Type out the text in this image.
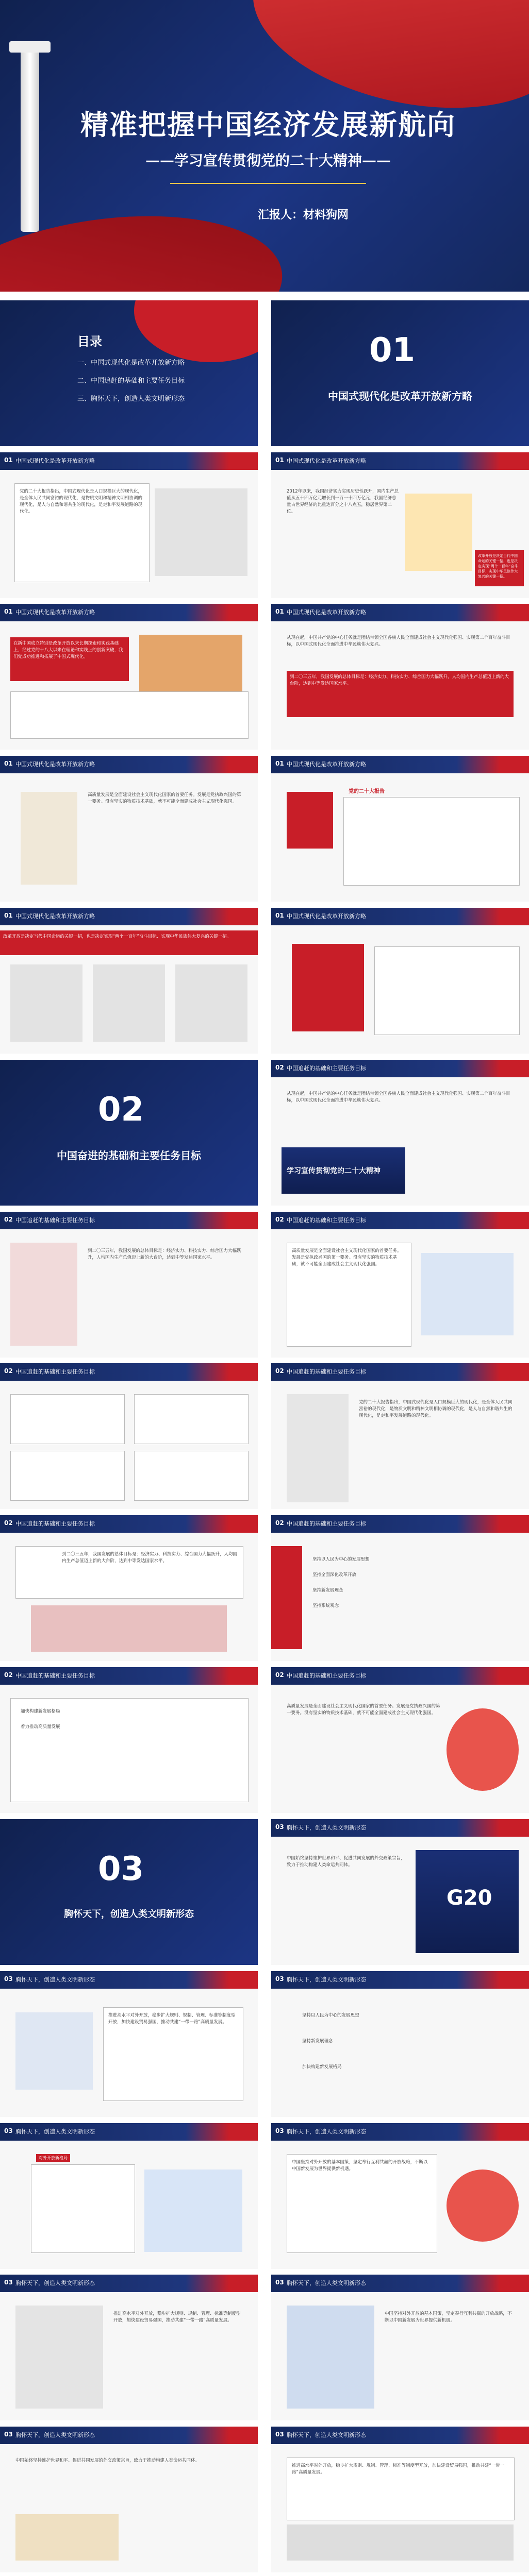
精准把握中国经济发展新航向
——学习宣传贯彻党的二十大精神——
汇报人：材料狗网
目录
一、中国式现代化是改革开放新方略
二、中国追赶的基础和主要任务目标
三、胸怀天下，创造人类文明新形态
01
中国式现代化是改革开放新方略
01 中国式现代化是改革开放新方略
党的二十大报告指出，中国式现代化是人口规模巨大的现代化，是全体人民共同富裕的现代化，是物质文明和精神文明相协调的现代化，是人与自然和谐共生的现代化，是走和平发展道路的现代化。
01 中国式现代化是改革开放新方略
2012年以来，我国经济实力实现历史性跃升，国内生产总值从五十四万亿元增长到一百一十四万亿元，我国经济总量占世界经济的比重达百分之十八点五，稳居世界第二位。
改革开放是决定当代中国命运的关键一招，也是决定实现“两个一百年”奋斗目标、实现中华民族伟大复兴的关键一招。
01 中国式现代化是改革开放新方略
在新中国成立特别是改革开放以来长期探索和实践基础上，经过党的十八大以来在理论和实践上的创新突破，我们党成功推进和拓展了中国式现代化。
01 中国式现代化是改革开放新方略
从现在起，中国共产党的中心任务就是团结带领全国各族人民全面建成社会主义现代化强国、实现第二个百年奋斗目标，以中国式现代化全面推进中华民族伟大复兴。
到二〇三五年，我国发展的总体目标是：经济实力、科技实力、综合国力大幅跃升，人均国内生产总值迈上新的大台阶，达到中等发达国家水平。
01 中国式现代化是改革开放新方略
高质量发展是全面建设社会主义现代化国家的首要任务。发展是党执政兴国的第一要务。没有坚实的物质技术基础，就不可能全面建成社会主义现代化强国。
01 中国式现代化是改革开放新方略
党的二十大报告
01 中国式现代化是改革开放新方略
改革开放是决定当代中国命运的关键一招，也是决定实现“两个一百年”奋斗目标、实现中华民族伟大复兴的关键一招。
01 中国式现代化是改革开放新方略
02
中国奋进的基础和主要任务目标
02 中国追赶的基础和主要任务目标
从现在起，中国共产党的中心任务就是团结带领全国各族人民全面建成社会主义现代化强国、实现第二个百年奋斗目标，以中国式现代化全面推进中华民族伟大复兴。
学习宣传贯彻党的二十大精神
02 中国追赶的基础和主要任务目标
到二〇三五年，我国发展的总体目标是：经济实力、科技实力、综合国力大幅跃升，人均国内生产总值迈上新的大台阶，达到中等发达国家水平。
02 中国追赶的基础和主要任务目标
高质量发展是全面建设社会主义现代化国家的首要任务。发展是党执政兴国的第一要务。没有坚实的物质技术基础，就不可能全面建成社会主义现代化强国。
02 中国追赶的基础和主要任务目标	02 中国追赶的基础和主要任务目标
党的二十大报告指出，中国式现代化是人口规模巨大的现代化，是全体人民共同富裕的现代化，是物质文明和精神文明相协调的现代化，是人与自然和谐共生的现代化，是走和平发展道路的现代化。
02 中国追赶的基础和主要任务目标
到二〇三五年，我国发展的总体目标是：经济实力、科技实力、综合国力大幅跃升，人均国内生产总值迈上新的大台阶，达到中等发达国家水平。
02 中国追赶的基础和主要任务目标
坚持以人民为中心的发展思想
坚持全面深化改革开放
坚持新发展理念
坚持系统观念
02 中国追赶的基础和主要任务目标
加快构建新发展格局
着力推动高质量发展
02 中国追赶的基础和主要任务目标
高质量发展是全面建设社会主义现代化国家的首要任务。发展是党执政兴国的第一要务。没有坚实的物质技术基础，就不可能全面建成社会主义现代化强国。
03
胸怀天下，创造人类文明新形态
03 胸怀天下，创造人类文明新形态
中国始终坚持维护世界和平、促进共同发展的外交政策宗旨，致力于推动构建人类命运共同体。
G20
03 胸怀天下，创造人类文明新形态
推进高水平对外开放，稳步扩大规则、规制、管理、标准等制度型开放，加快建设贸易强国，推动共建“一带一路”高质量发展。
03 胸怀天下，创造人类文明新形态
坚持以人民为中心的发展思想
坚持新发展理念
加快构建新发展格局
03 胸怀天下，创造人类文明新形态
对外开放新格局
03 胸怀天下，创造人类文明新形态
中国坚持对外开放的基本国策，坚定奉行互利共赢的开放战略，不断以中国新发展为世界提供新机遇。
03 胸怀天下，创造人类文明新形态
推进高水平对外开放，稳步扩大规则、规制、管理、标准等制度型开放，加快建设贸易强国，推动共建“一带一路”高质量发展。
03 胸怀天下，创造人类文明新形态
中国坚持对外开放的基本国策，坚定奉行互利共赢的开放战略，不断以中国新发展为世界提供新机遇。
03 胸怀天下，创造人类文明新形态
中国始终坚持维护世界和平、促进共同发展的外交政策宗旨，致力于推动构建人类命运共同体。
03 胸怀天下，创造人类文明新形态
推进高水平对外开放，稳步扩大规则、规制、管理、标准等制度型开放，加快建设贸易强国，推动共建“一带一路”高质量发展。
